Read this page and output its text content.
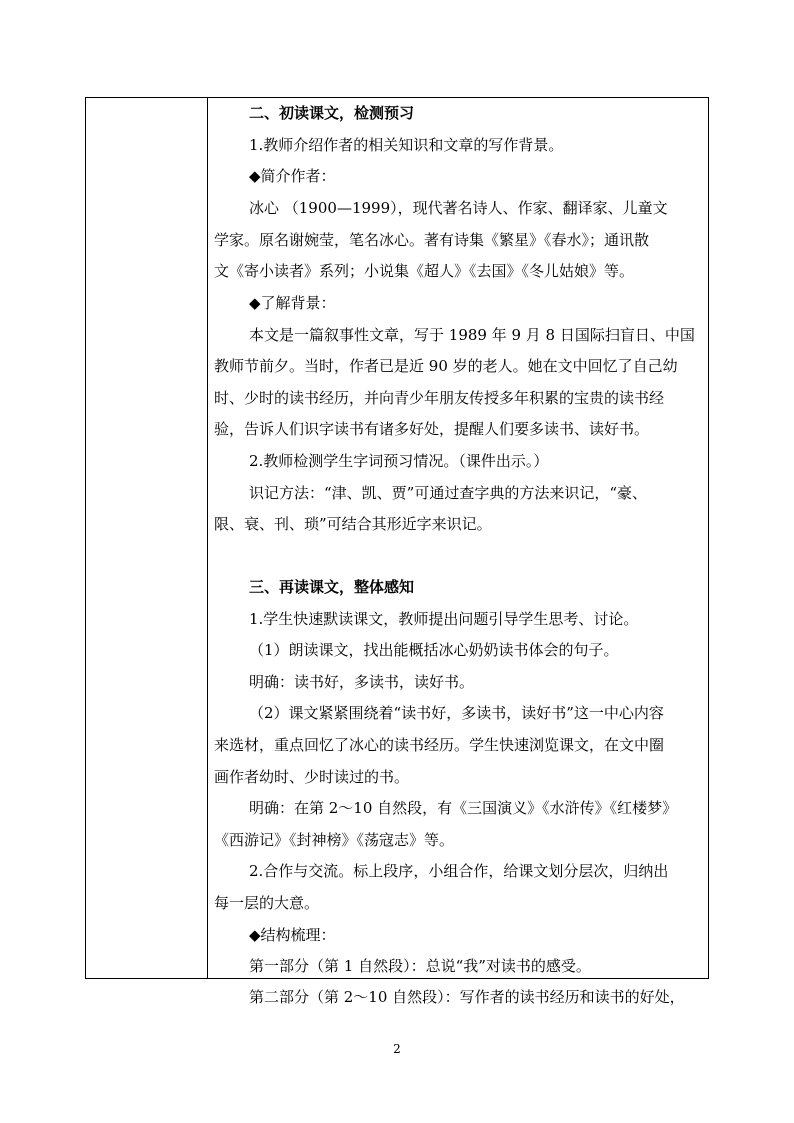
二、初读课文，检测预习
1.教师介绍作者的相关知识和文章的写作背景。
◆简介作者：
冰心 （1900—1999），现代著名诗人、作家、翻译家、儿童文
学家。原名谢婉莹，笔名冰心。著有诗集《繁星》《春水》；通讯散
文《寄小读者》系列；小说集《超人》《去国》《冬儿姑娘》等。
◆了解背景：
本文是一篇叙事性文章，写于 1989 年 9 月 8 日国际扫盲日、中国
教师节前夕。当时，作者已是近 90 岁的老人。她在文中回忆了自己幼
时、少时的读书经历，并向青少年朋友传授多年积累的宝贵的读书经
验，告诉人们识字读书有诸多好处，提醒人们要多读书、读好书。
2.教师检测学生字词预习情况。（课件出示。）
识记方法：“津、凯、贾”可通过查字典的方法来识记，“豪、
限、衰、刊、琐”可结合其形近字来识记。
三、再读课文，整体感知
1.学生快速默读课文，教师提出问题引导学生思考、讨论。
（1）朗读课文，找出能概括冰心奶奶读书体会的句子。
明确：读书好，多读书，读好书。
（2）课文紧紧围绕着“读书好，多读书，读好书”这一中心内容
来选材，重点回忆了冰心的读书经历。学生快速浏览课文，在文中圈
画作者幼时、少时读过的书。
明确：在第 2～10 自然段，有《三国演义》《水浒传》《红楼梦》
《西游记》《封神榜》《荡寇志》等。
2.合作与交流。标上段序，小组合作，给课文划分层次，归纳出
每一层的大意。
◆结构梳理：
第一部分（第 1 自然段）：总说“我”对读书的感受。
第二部分（第 2～10 自然段）：写作者的读书经历和读书的好处，
2
